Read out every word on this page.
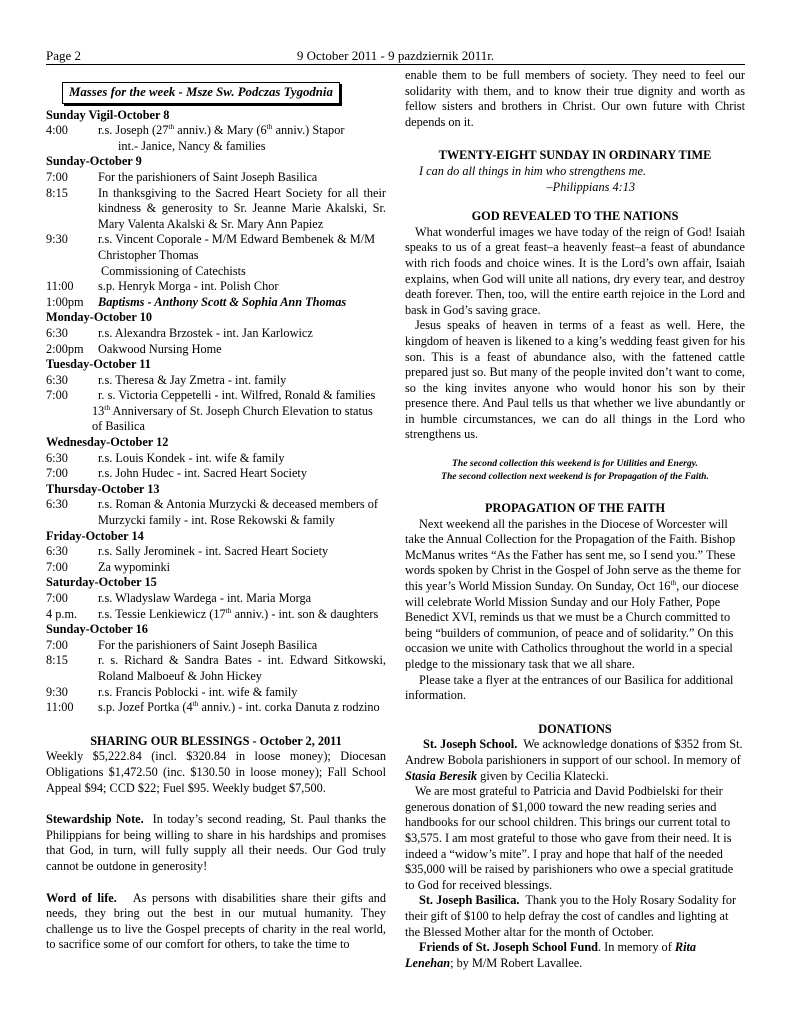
Page 2	9 October 2011 - 9 pazdziernik 2011r.
Masses for the week - Msze Sw. Podczas Tygodnia
Sunday Vigil-October 8
4:00	r.s. Joseph (27th anniv.) & Mary (6th anniv.) Stapor
int.- Janice, Nancy & families
Sunday-October 9
7:00	For the parishioners of Saint Joseph Basilica
8:15	In thanksgiving to the Sacred Heart Society for all their kindness & generosity to Sr. Jeanne Marie Akalski, Sr. Mary Valenta Akalski & Sr. Mary Ann Papiez
9:30	r.s. Vincent Coporale - M/M Edward Bembenek & M/M Christopher Thomas
Commissioning of Catechists
11:00	s.p. Henryk Morga - int. Polish Chor
1:00pm	Baptisms - Anthony Scott & Sophia Ann Thomas
Monday-October 10
6:30	r.s. Alexandra Brzostek - int. Jan Karlowicz
2:00pm	Oakwood Nursing Home
Tuesday-October 11
6:30	r.s. Theresa & Jay Zmetra - int. family
7:00	r. s. Victoria Ceppetelli - int. Wilfred, Ronald & families
13th Anniversary of St. Joseph Church Elevation to status of Basilica
Wednesday-October 12
6:30	r.s. Louis Kondek - int. wife & family
7:00	r.s. John Hudec - int. Sacred Heart Society
Thursday-October 13
6:30	r.s. Roman & Antonia Murzycki & deceased members of Murzycki family - int. Rose Rekowski & family
Friday-October 14
6:30	r.s. Sally Jerominek - int. Sacred Heart Society
7:00	Za wypominki
Saturday-October 15
7:00	r.s. Wladyslaw Wardega - int. Maria Morga
4 p.m.	r.s. Tessie Lenkiewicz (17th anniv.) - int. son & daughters
Sunday-October 16
7:00	For the parishioners of Saint Joseph Basilica
8:15	r. s. Richard & Sandra Bates - int. Edward Sitkowski, Roland Malboeuf & John Hickey
9:30	r.s. Francis Poblocki - int. wife & family
11:00	s.p. Jozef Portka (4th anniv.) - int. corka Danuta z rodzino
SHARING OUR BLESSINGS - October 2, 2011

Weekly $5,222.84 (incl. $320.84 in loose money); Diocesan Obligations $1,472.50 (inc. $130.50 in loose money); Fall School Appeal $94; CCD $22; Fuel $95. Weekly budget $7,500.

Stewardship Note. In today’s second reading, St. Paul thanks the Philippians for being willing to share in his hardships and promises that God, in turn, will fully supply all their needs. Our God truly cannot be outdone in generosity!

Word of life. As persons with disabilities share their gifts and needs, they bring out the best in our mutual humanity. They challenge us to live the Gospel precepts of charity in the real world, to sacrifice some of our comfort for others, to take the time to

enable them to be full members of society. They need to feel our solidarity with them, and to know their true dignity and worth as fellow sisters and brothers in Christ. Our own future with Christ depends on it.

TWENTY-EIGHT SUNDAY IN ORDINARY TIME
I can do all things in him who strengthens me.
–Philippians 4:13
GOD REVEALED TO THE NATIONS

What wonderful images we have today of the reign of God! Isaiah speaks to us of a great feast–a heavenly feast–a feast of abundance with rich foods and choice wines. It is the Lord’s own affair, Isaiah explains, when God will unite all nations, dry every tear, and destroy death forever. Then, too, will the entire earth rejoice in the Lord and bask in God’s saving grace.

Jesus speaks of heaven in terms of a feast as well. Here, the kingdom of heaven is likened to a king’s wedding feast given for his son. This is a feast of abundance also, with the fattened cattle prepared just so. But many of the people invited don’t want to come, so the king invites anyone who would honor his son by their presence there. And Paul tells us that whether we live abundantly or in humble circumstances, we can do all things in the Lord who strengthens us.

The second collection this weekend is for Utilities and Energy.
The second collection next weekend is for Propagation of the Faith.
PROPAGATION OF THE FAITH

Next weekend all the parishes in the Diocese of Worcester will take the Annual Collection for the Propagation of the Faith. Bishop McManus writes “As the Father has sent me, so I send you.” These words spoken by Christ in the Gospel of John serve as the theme for this year’s World Mission Sunday. On Sunday, Oct 16th, our diocese will celebrate World Mission Sunday and our Holy Father, Pope Benedict XVI, reminds us that we must be a Church committed to being “builders of communion, of peace and of solidarity.” On this occasion we unite with Catholics throughout the world in a special pledge to the missionary task that we all share.

Please take a flyer at the entrances of our Basilica for additional information.

DONATIONS

St. Joseph School. We acknowledge donations of $352 from St. Andrew Bobola parishioners in support of our school. In memory of Stasia Beresik given by Cecilia Klatecki.

We are most grateful to Patricia and David Podbielski for their generous donation of $1,000 toward the new reading series and handbooks for our school children. This brings our current total to $3,575. I am most grateful to those who gave from their need. It is indeed a “widow’s mite”. I pray and hope that half of the needed $35,000 will be raised by parishioners who owe a special gratitude to God for received blessings.

St. Joseph Basilica. Thank you to the Holy Rosary Sodality for their gift of $100 to help defray the cost of candles and lighting at the Blessed Mother altar for the month of October.

Friends of St. Joseph School Fund. In memory of Rita Lenehan; by M/M Robert Lavallee.
